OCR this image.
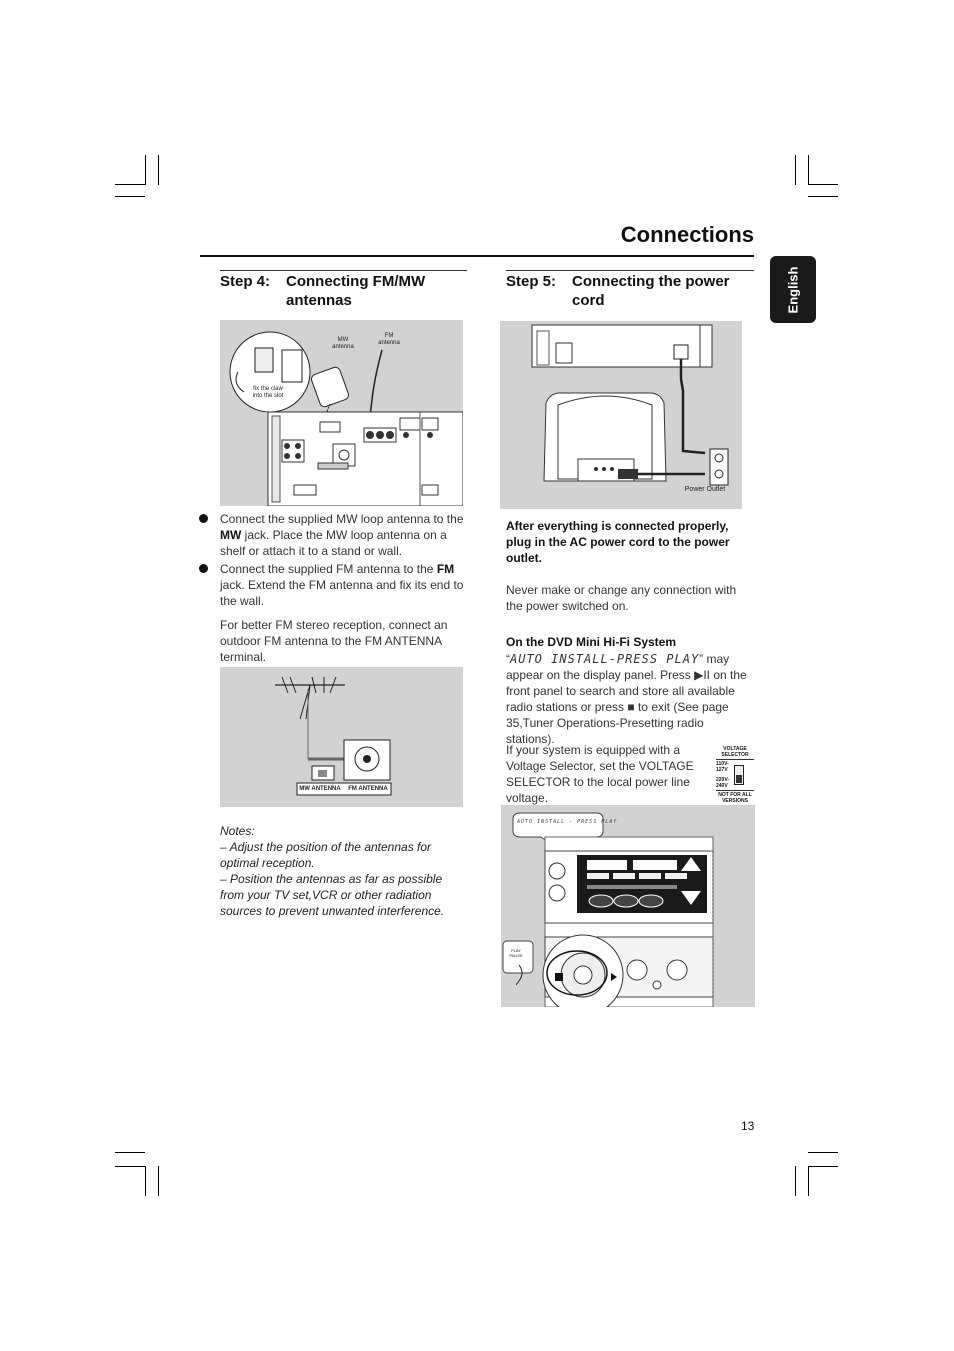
Connections
English
Step 4: Connecting FM/MW
antennas
MW
antenna
FM
antenna
fix the claw
into the slot
Connect the supplied MW loop antenna to the MW jack. Place the MW loop antenna on a shelf or attach it to a stand or wall.
Connect the supplied FM antenna to the FM jack. Extend the FM antenna and fix its end to the wall.
For better FM stereo reception, connect an outdoor FM antenna to the FM ANTENNA terminal.
MW ANTENNA	FM ANTENNA
Notes:
– Adjust the position of the antennas for optimal reception.
– Position the antennas as far as possible from your TV set,VCR or other radiation sources to prevent unwanted interference.
Step 5: Connecting the power
cord
Power Outlet
After everything is connected properly, plug in the AC power cord to the power outlet.
Never make or change any connection with the power switched on.
On the DVD Mini Hi-Fi System
“AUTO INSTALL-PRESS PLAY” may appear on the display panel. Press ▶II on the front panel to search and store all available radio stations or press ■ to exit (See page 35,Tuner Operations-Presetting radio stations).
If your system is equipped with a Voltage Selector, set the VOLTAGE SELECTOR to the local power line voltage.
VOLTAGE
SELECTOR
110V-
127V
220V-
240V
NOT FOR ALL
VERSIONS
AUTO INSTALL - PRESS PLAY
PLAY
PAUSE
13
